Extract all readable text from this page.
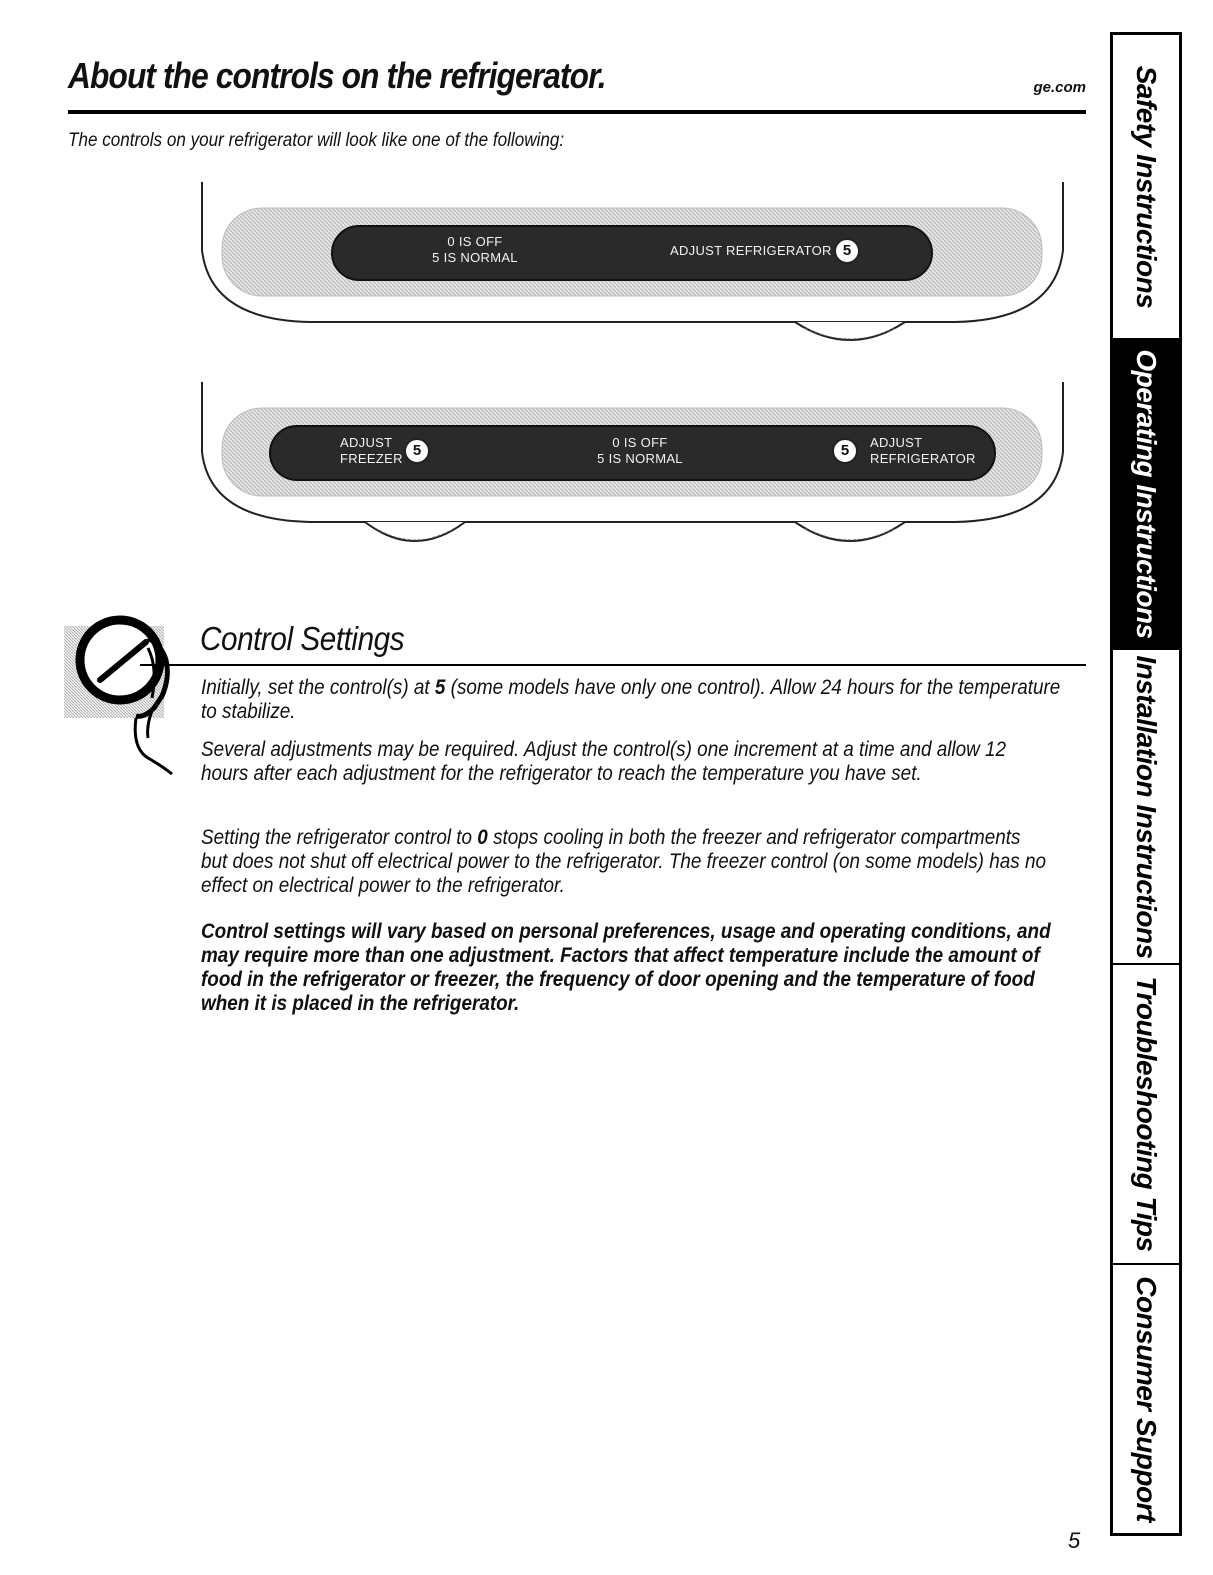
About the controls on the refrigerator.	ge.com
The controls on your refrigerator will look like one of the following:
0 IS OFF
5 IS NORMAL	ADJUST REFRIGERATOR 5
ADJUST
FREEZER 5	0 IS OFF
5 IS NORMAL	5	ADJUST
REFRIGERATOR
Control Settings

Initially, set the control(s) at 5 (some models have only one control). Allow 24 hours for the temperature to stabilize.

Several adjustments may be required. Adjust the control(s) one increment at a time and allow 12 hours after each adjustment for the refrigerator to reach the temperature you have set.

Setting the refrigerator control to 0 stops cooling in both the freezer and refrigerator compartments but does not shut off electrical power to the refrigerator. The freezer control (on some models) has no effect on electrical power to the refrigerator.

Control settings will vary based on personal preferences, usage and operating conditions, and may require more than one adjustment. Factors that affect temperature include the amount of food in the refrigerator or freezer, the frequency of door opening and the temperature of food when it is placed in the refrigerator.

Safety Instructions
Operating Instructions
Installation Instructions
Troubleshooting Tips
Consumer Support
5
